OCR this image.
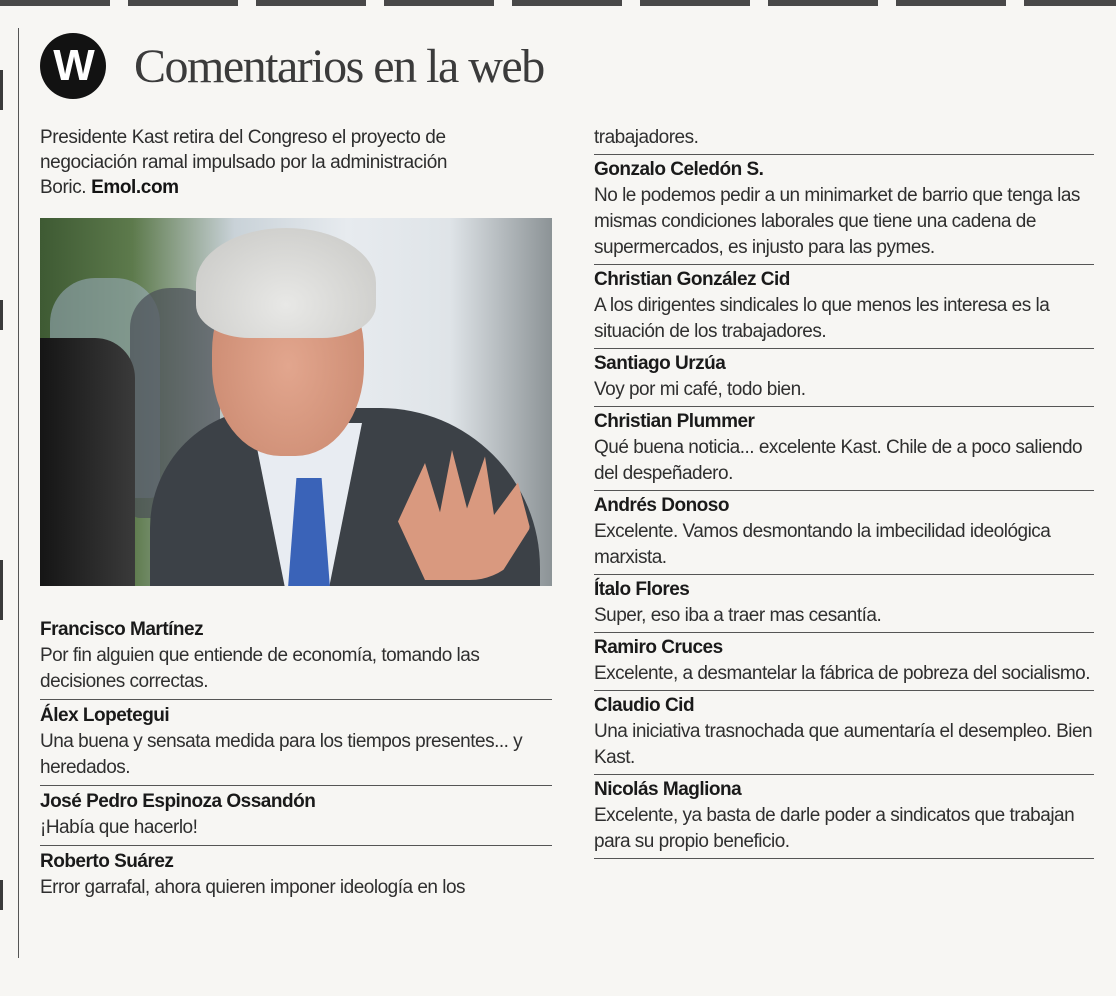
W Comentarios en la web
Presidente Kast retira del Congreso el proyecto de negociación ramal impulsado por la administración Boric. Emol.com
Francisco Martínez
Por fin alguien que entiende de economía, tomando las decisiones correctas.
Álex Lopetegui
Una buena y sensata medida para los tiempos presentes... y heredados.
José Pedro Espinoza Ossandón
¡Había que hacerlo!
Roberto Suárez
Error garrafal, ahora quieren imponer ideología en los
trabajadores.
Gonzalo Celedón S.
No le podemos pedir a un minimarket de barrio que tenga las mismas condiciones laborales que tiene una cadena de supermercados, es injusto para las pymes.
Christian González Cid
A los dirigentes sindicales lo que menos les interesa es la situación de los trabajadores.
Santiago Urzúa
Voy por mi café, todo bien.
Christian Plummer
Qué buena noticia... excelente Kast. Chile de a poco saliendo del despeñadero.
Andrés Donoso
Excelente. Vamos desmontando la imbecilidad ideológica marxista.
Ítalo Flores
Super, eso iba a traer mas cesantía.
Ramiro Cruces
Excelente, a desmantelar la fábrica de pobreza del socialismo.
Claudio Cid
Una iniciativa trasnochada que aumentaría el desempleo. Bien Kast.
Nicolás Magliona
Excelente, ya basta de darle poder a sindicatos que trabajan para su propio beneficio.
